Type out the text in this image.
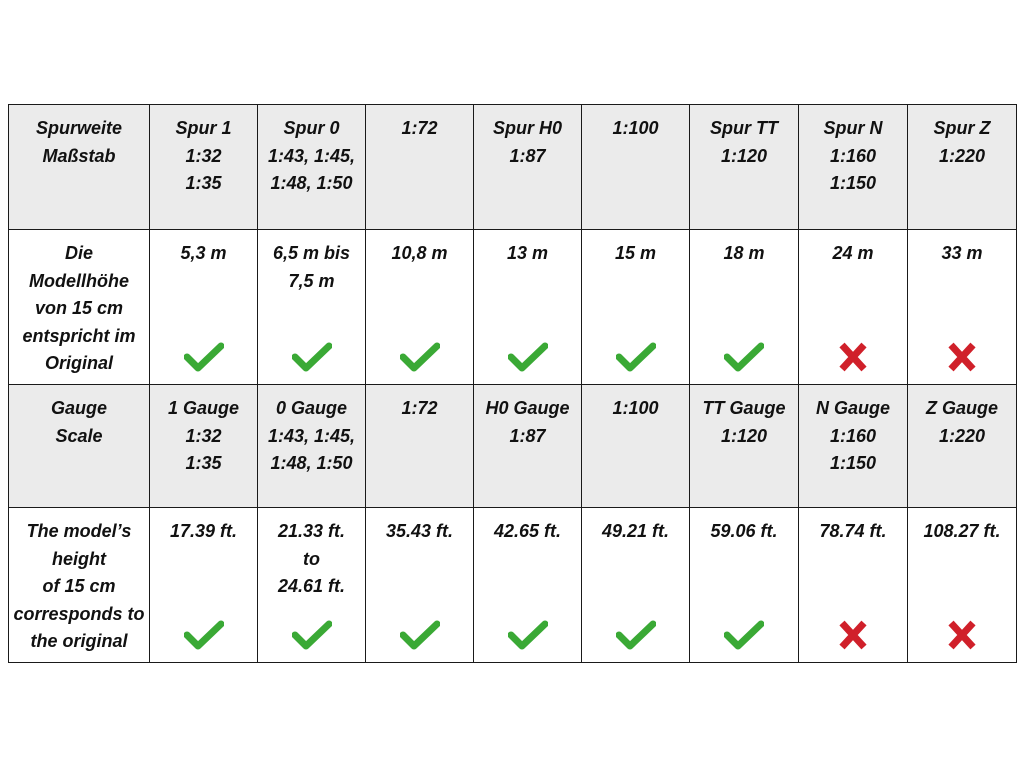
Spurweite
Maßstab	Spur 1
1:32
1:35	Spur 0
1:43, 1:45,
1:48, 1:50	1:72	Spur H0
1:87	1:100	Spur TT
1:120	Spur N
1:160
1:150	Spur Z
1:220

Die
Modellhöhe
von 15 cm
entspricht im
Original	5,3 m	6,5 m bis
7,5 m	10,8 m	13 m	15 m	18 m	24 m	33 m

Gauge
Scale	1 Gauge
1:32
1:35	0 Gauge
1:43, 1:45,
1:48, 1:50	1:72	H0 Gauge
1:87	1:100	TT Gauge
1:120	N Gauge
1:160
1:150	Z Gauge
1:220

The model’s
height
of 15 cm
corresponds to
the original	17.39 ft.	21.33 ft.
to
24.61 ft.	35.43 ft.	42.65 ft.	49.21 ft.	59.06 ft.	78.74 ft.	108.27 ft.
